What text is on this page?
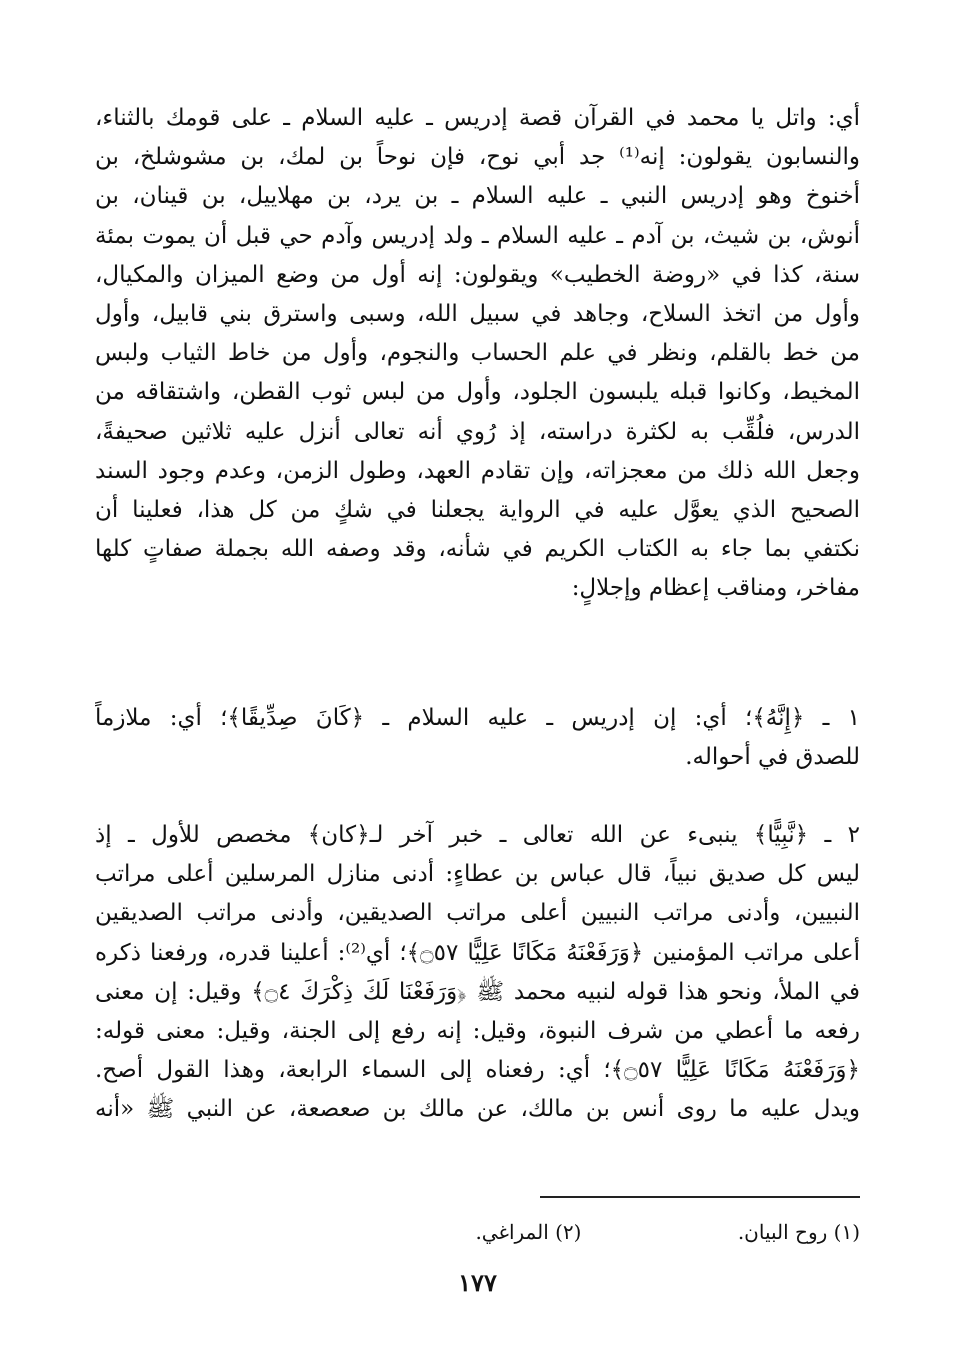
أي: واتل يا محمد في القرآن قصة إدريس ـ عليه السلام ـ على قومك بالثناء،
والنسابون يقولون: إنه⁽¹⁾ جد أبي نوح، فإن نوحاً بن لمك، بن مشوشلخ، بن
أخنوخ وهو إدريس النبي ـ عليه السلام ـ بن يرد، بن مهلاييل، بن قينان، بن
أنوش، بن شيث، بن آدم ـ عليه السلام ـ ولد إدريس وآدم حي قبل أن يموت بمئة
سنة، كذا في «روضة الخطيب» ويقولون: إنه أول من وضع الميزان والمكيال،
وأول من اتخذ السلاح، وجاهد في سبيل الله، وسبى واسترق بني قابيل، وأول
من خط بالقلم، ونظر في علم الحساب والنجوم، وأول من خاط الثياب ولبس
المخيط، وكانوا قبله يلبسون الجلود، وأول من لبس ثوب القطن، واشتقاقه من
الدرس، فلُقِّب به لكثرة دراسته، إذ رُوي أنه تعالى أنزل عليه ثلاثين صحيفةً،
وجعل الله ذلك من معجزاته، وإن تقادم العهد، وطول الزمن، وعدم وجود السند
الصحيح الذي يعوَّل عليه في الرواية يجعلنا في شكٍ من كل هذا، فعلينا أن
نكتفي بما جاء به الكتاب الكريم في شأنه، وقد وصفه الله بجملة صفاتٍ كلها
مفاخر، ومناقب إعظام وإجلالٍ:
١ ـ ﴿إِنَّهُ﴾؛ أي: إن إدريس ـ عليه السلام ـ ﴿كَانَ صِدِّيقًا﴾؛ أي: ملازماً
للصدق في أحواله.
٢ ـ ﴿نَّبِيًّا﴾ ينبىء عن الله تعالى ـ خبر آخر لـ﴿كان﴾ مخصص للأول ـ إذ
ليس كل صديق نبياً، قال عباس بن عطاءٍ: أدنى منازل المرسلين أعلى مراتب
النبيين، وأدنى مراتب النبيين أعلى مراتب الصديقين، وأدنى مراتب الصديقين
أعلى مراتب المؤمنين ﴿وَرَفَعْنَهُ مَكَانًا عَلِيًّا ۝٥٧﴾؛ أي⁽²⁾: أعلينا قدره، ورفعنا ذكره
في الملأ، ونحو هذا قوله لنبيه محمد ﷺ ﴿وَرَفَعْنَا لَكَ ذِكْرَكَ ۝٤﴾ وقيل: إن معنى
رفعه ما أعطي من شرف النبوة، وقيل: إنه رفع إلى الجنة، وقيل: معنى قوله:
﴿وَرَفَعْنَهُ مَكَانًا عَلِيًّا ۝٥٧﴾؛ أي: رفعناه إلى السماء الرابعة، وهذا القول أصح.
ويدل عليه ما روى أنس بن مالك، عن مالك بن صعصعة، عن النبي ﷺ «أنه
(١) روح البيان. (٢) المراغي.
١٧٧
